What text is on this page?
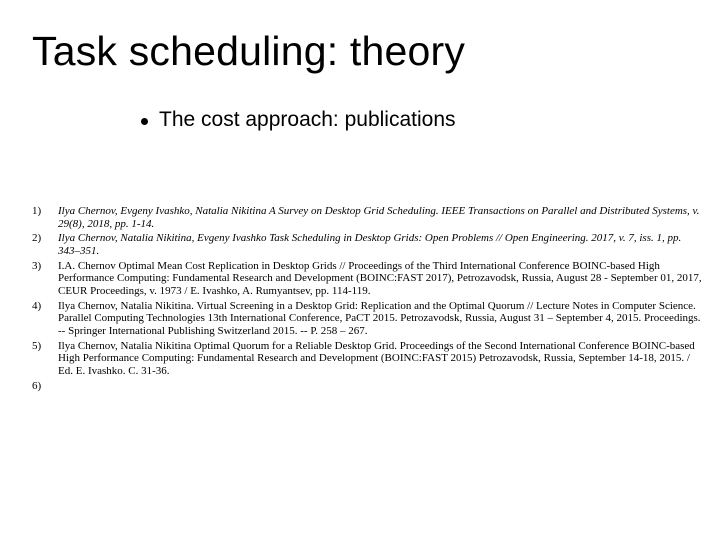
Task scheduling: theory
The cost approach: publications
1) Ilya Chernov, Evgeny Ivashko, Natalia Nikitina A Survey on Desktop Grid Scheduling. IEEE Transactions on Parallel and Distributed Systems, v. 29(8), 2018, pp. 1-14.
2) Ilya Chernov, Natalia Nikitina, Evgeny Ivashko Task Scheduling in Desktop Grids: Open Problems // Open Engineering. 2017, v. 7, iss. 1, pp. 343–351.
3) I.A. Chernov Optimal Mean Cost Replication in Desktop Grids // Proceedings of the Third International Conference BOINC-based High Performance Computing: Fundamental Research and Development (BOINC:FAST 2017), Petrozavodsk, Russia, August 28 - September 01, 2017, CEUR Proceedings, v. 1973 / E. Ivashko, A. Rumyantsev, pp. 114-119.
4) Ilya Chernov, Natalia Nikitina. Virtual Screening in a Desktop Grid: Replication and the Optimal Quorum // Lecture Notes in Computer Science. Parallel Computing Technologies 13th International Conference, PaCT 2015. Petrozavodsk, Russia, August 31 – September 4, 2015. Proceedings. -- Springer International Publishing Switzerland 2015. -- P. 258 – 267.
5) Ilya Chernov, Natalia Nikitina Optimal Quorum for a Reliable Desktop Grid. Proceedings of the Second International Conference BOINC-based High Performance Computing: Fundamental Research and Development (BOINC:FAST 2015) Petrozavodsk, Russia, September 14-18, 2015. / Ed. E. Ivashko. C. 31-36.
6)
